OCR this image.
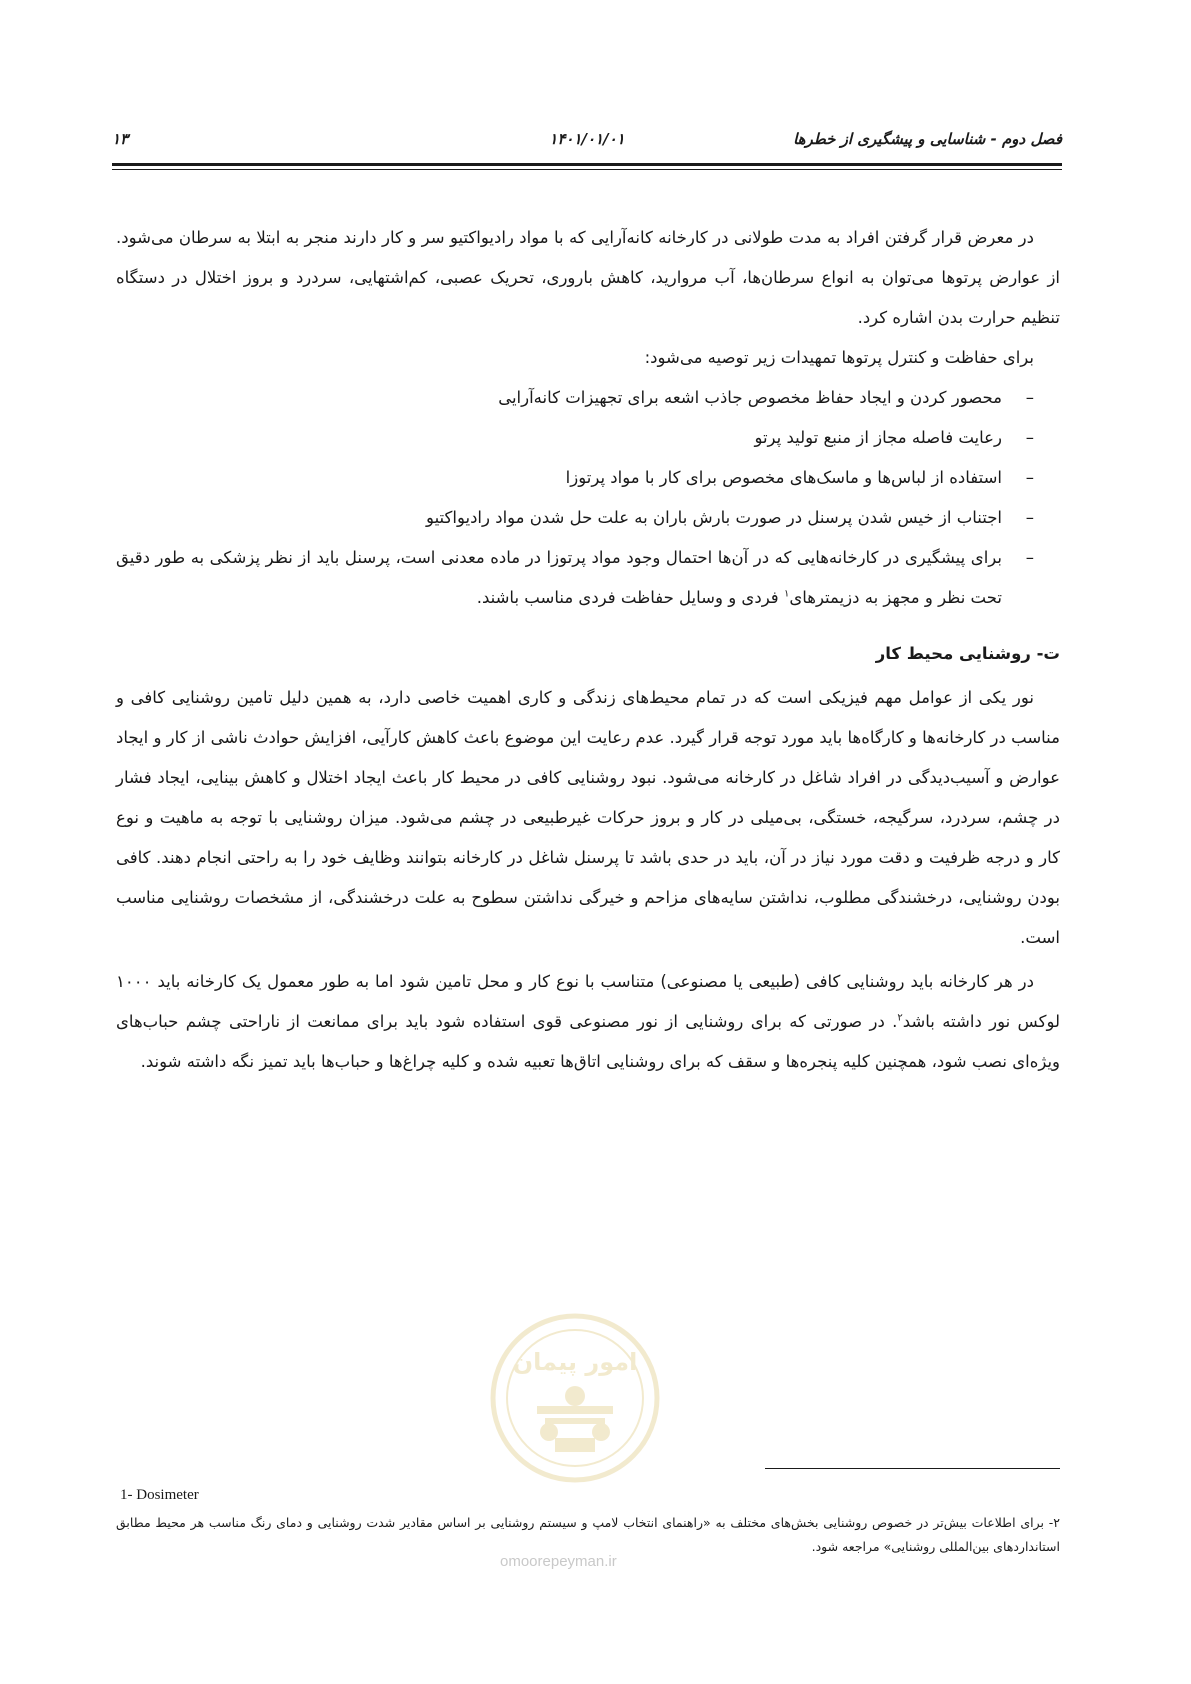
فصل دوم - شناسایی و پیشگیری از خطرها
۱۴۰۱/۰۱/۰۱
۱۳

در معرض قرار گرفتن افراد به مدت طولانی در کارخانه کانه‌آرایی که با مواد رادیواکتیو سر و کار دارند منجر به ابتلا به سرطان می‌شود. از عوارض پرتوها می‌توان به انواع سرطان‌ها، آب مروارید، کاهش باروری، تحریک عصبی، کم‌اشتهایی، سردرد و بروز اختلال در دستگاه تنظیم حرارت بدن اشاره کرد.

برای حفاظت و کنترل پرتوها تمهیدات زیر توصیه می‌شود:

– محصور کردن و ایجاد حفاظ مخصوص جاذب اشعه برای تجهیزات کانه‌آرایی
– رعایت فاصله مجاز از منبع تولید پرتو
– استفاده از لباس‌ها و ماسک‌های مخصوص برای کار با مواد پرتوزا
– اجتناب از خیس شدن پرسنل در صورت بارش باران به علت حل شدن مواد رادیواکتیو
– برای پیشگیری در کارخانه‌هایی که در آن‌ها احتمال وجود مواد پرتوزا در ماده معدنی است، پرسنل باید از نظر پزشکی به طور دقیق تحت نظر و مجهز به دزیمترهای$^۱$ فردی و وسایل حفاظت فردی مناسب باشند.
ت- روشنایی محیط کار

نور یکی از عوامل مهم فیزیکی است که در تمام محیط‌های زندگی و کاری اهمیت خاصی دارد، به همین دلیل تامین روشنایی کافی و مناسب در کارخانه‌ها و کارگاه‌ها باید مورد توجه قرار گیرد. عدم رعایت این موضوع باعث کاهش کارآیی، افزایش حوادث ناشی از کار و ایجاد عوارض و آسیب‌دیدگی در افراد شاغل در کارخانه می‌شود. نبود روشنایی کافی در محیط کار باعث ایجاد اختلال و کاهش بینایی، ایجاد فشار در چشم، سردرد، سرگیجه، خستگی، بی‌میلی در کار و بروز حرکات غیرطبیعی در چشم می‌شود. میزان روشنایی با توجه به ماهیت و نوع کار و درجه ظرفیت و دقت مورد نیاز در آن، باید در حدی باشد تا پرسنل شاغل در کارخانه بتوانند وظایف خود را به راحتی انجام دهند. کافی بودن روشنایی، درخشندگی مطلوب، نداشتن سایه‌های مزاحم و خیرگی نداشتن سطوح به علت درخشندگی، از مشخصات روشنایی مناسب است.

در هر کارخانه باید روشنایی کافی (طبیعی یا مصنوعی) متناسب با نوع کار و محل تامین شود اما به طور معمول یک کارخانه باید ۱۰۰۰ لوکس نور داشته باشد$^۲$. در صورتی که برای روشنایی از نور مصنوعی قوی استفاده شود باید برای ممانعت از ناراحتی چشم حباب‌های ویژه‌ای نصب شود، همچنین کلیه پنجره‌ها و سقف که برای روشنایی اتاق‌ها تعبیه شده و کلیه چراغ‌ها و حباب‌ها باید تمیز نگه داشته شوند.

امور پیمان
1- Dosimeter
۲- برای اطلاعات بیش‌تر در خصوص روشنایی بخش‌های مختلف به «راهنمای انتخاب لامپ و سیستم روشنایی بر اساس مقادیر شدت روشنایی و دمای رنگ مناسب هر محیط مطابق استانداردهای بین‌المللی روشنایی» مراجعه شود.
omoorepeyman.ir
